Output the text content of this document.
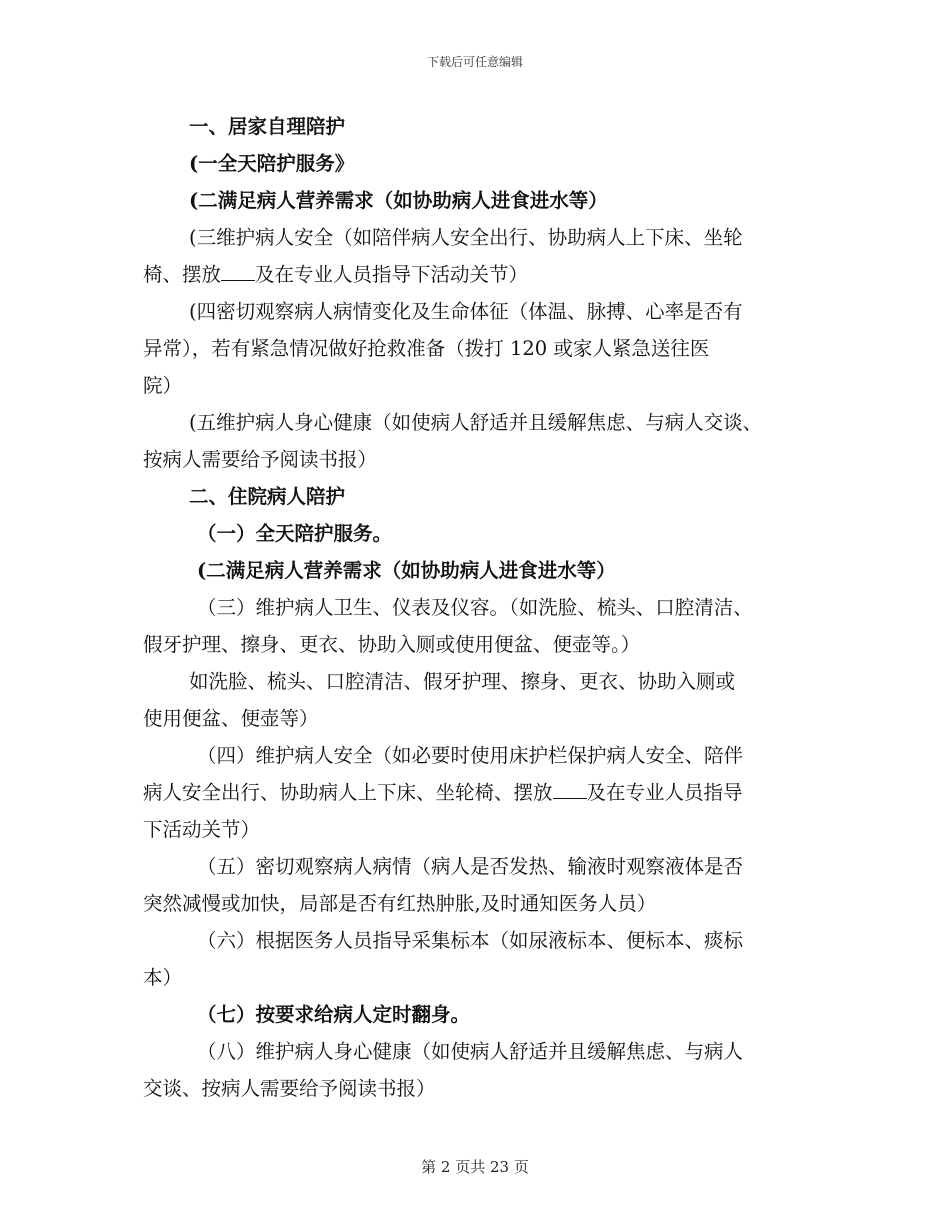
下载后可任意编辑

一、居家自理陪护

(一全天陪护服务》

(二满足病人营养需求（如协助病人进食进水等）

(三维护病人安全（如陪伴病人安全出行、协助病人上下床、坐轮

椅、摆放 及在专业人员指导下活动关节）

(四密切观察病人病情变化及生命体征（体温、脉搏、心率是否有

异常），若有紧急情况做好抢救准备（拨打 120 或家人紧急送往医

院）

(五维护病人身心健康（如使病人舒适并且缓解焦虑、与病人交谈、

按病人需要给予阅读书报）

二、住院病人陪护

（一）全天陪护服务。

(二满足病人营养需求（如协助病人进食进水等）

（三）维护病人卫生、仪表及仪容。（如洗脸、梳头、口腔清洁、

假牙护理、擦身、更衣、协助入厕或使用便盆、便壶等。）

如洗脸、梳头、口腔清洁、假牙护理、擦身、更衣、协助入厕或

使用便盆、便壶等）

（四）维护病人安全（如必要时使用床护栏保护病人安全、陪伴

病人安全出行、协助病人上下床、坐轮椅、摆放 及在专业人员指导

下活动关节）

（五）密切观察病人病情（病人是否发热、输液时观察液体是否

突然减慢或加快，局部是否有红热肿胀,及时通知医务人员）

（六）根据医务人员指导采集标本（如尿液标本、便标本、痰标

本）

（七）按要求给病人定时翻身。

（八）维护病人身心健康（如使病人舒适并且缓解焦虑、与病人

交谈、按病人需要给予阅读书报）

第 2 页共 23 页
